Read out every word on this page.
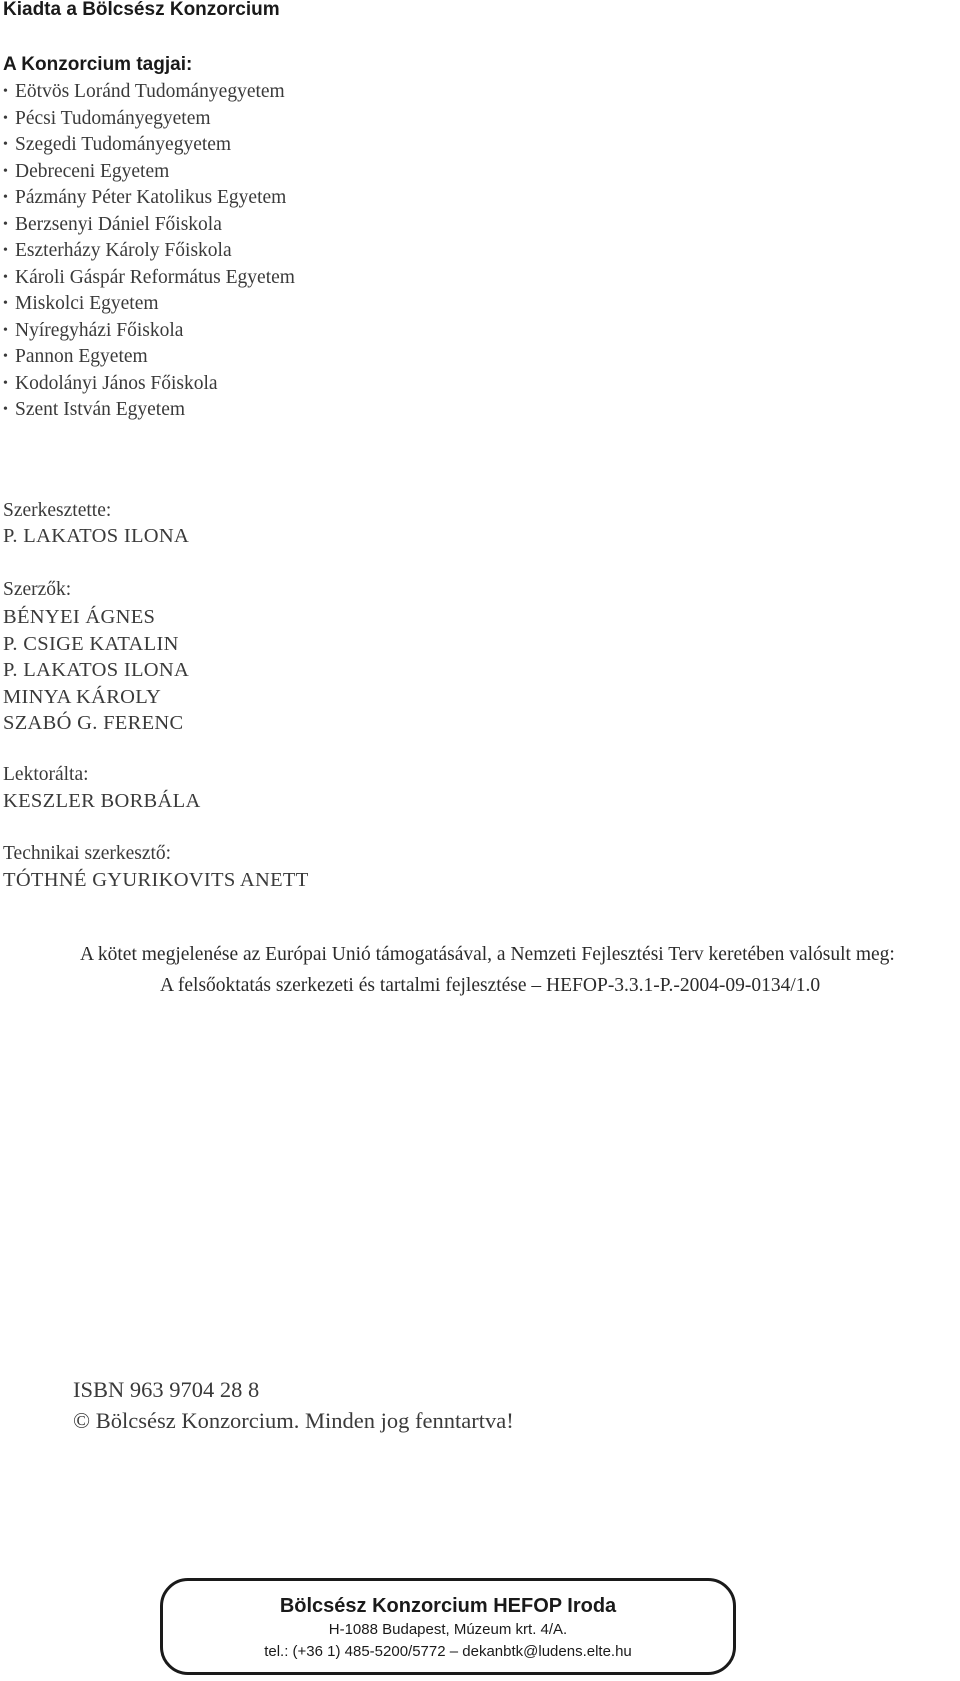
Kiadta a Bölcsész Konzorcium
A Konzorcium tagjai:
• Eötvös Loránd Tudományegyetem
• Pécsi Tudományegyetem
• Szegedi Tudományegyetem
• Debreceni Egyetem
• Pázmány Péter Katolikus Egyetem
• Berzsenyi Dániel Főiskola
• Eszterházy Károly Főiskola
• Károli Gáspár Református Egyetem
• Miskolci Egyetem
• Nyíregyházi Főiskola
• Pannon Egyetem
• Kodolányi János Főiskola
• Szent István Egyetem
Szerkesztette:
P. LAKATOS ILONA
Szerzők:
BÉNYEI ÁGNES
P. CSIGE KATALIN
P. LAKATOS ILONA
MINYA KÁROLY
SZABÓ G. FERENC
Lektorálta:
KESZLER BORBÁLA
Technikai szerkesztő:
TÓTHNÉ GYURIKOVITS ANETT
A kötet megjelenése az Európai Unió támogatásával, a Nemzeti Fejlesztési Terv keretében valósult meg:
A felsőoktatás szerkezeti és tartalmi fejlesztése – HEFOP-3.3.1-P.-2004-09-0134/1.0
ISBN 963 9704 28 8
© Bölcsész Konzorcium. Minden jog fenntartva!
Bölcsész Konzorcium HEFOP Iroda
H-1088 Budapest, Múzeum krt. 4/A.
tel.: (+36 1) 485-5200/5772 – dekanbtk@ludens.elte.hu
